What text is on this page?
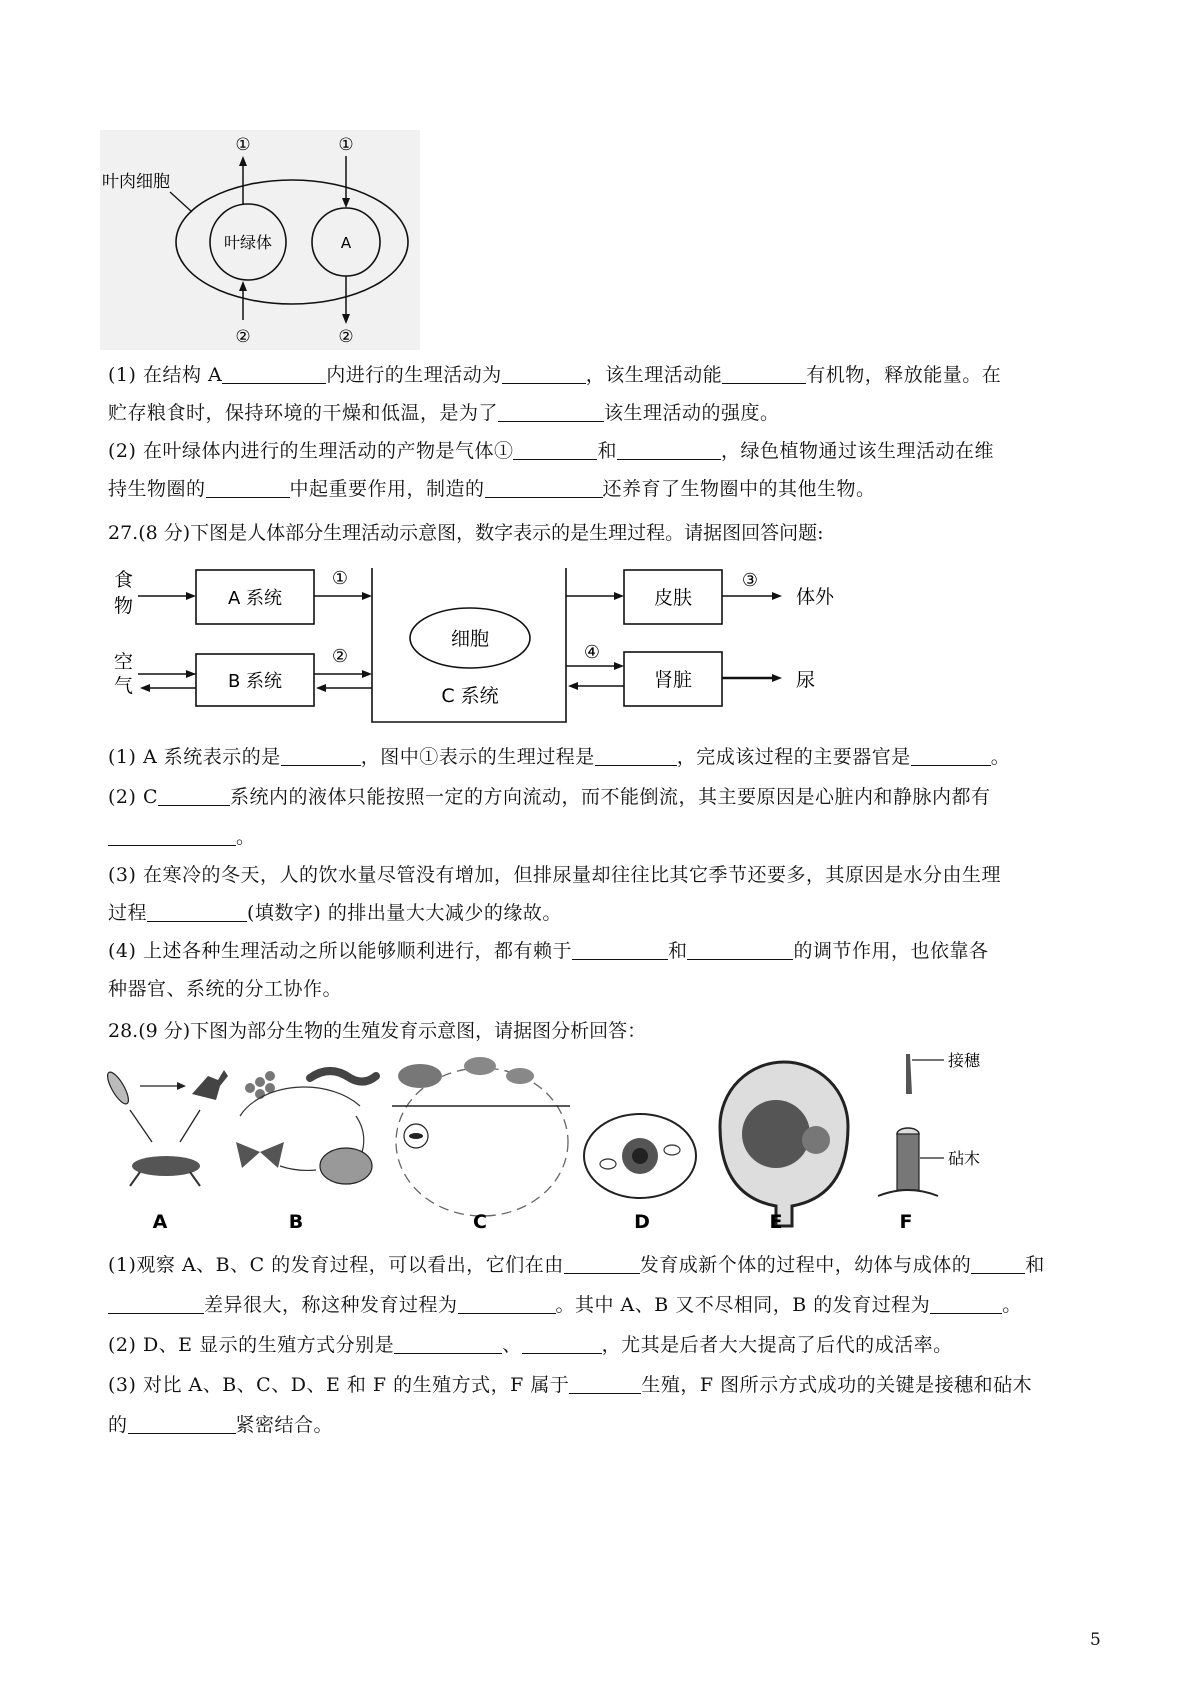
叶肉细胞
叶绿体	A
①
②
①
②
(1) 在结构 A	内进行的生理活动为	，该生理活动能	有机物，释放能量。在
贮存粮食时，保持环境的干燥和低温，是为了	该生理活动的强度。
(2) 在叶绿体内进行的生理活动的产物是气体①	和	，绿色植物通过该生理活动在维
持生物圈的	中起重要作用，制造的	还养育了生物圈中的其他生物。
27.(8 分)下图是人体部分生理活动示意图，数字表示的是生理过程。请据图回答问题:
食
物	A 系统
①
空
气	B 系统
②
细胞
C 系统
皮肤
③
体外
④
肾脏	尿
(1) A 系统表示的是	，图中①表示的生理过程是	，完成该过程的主要器官是	。
(2) C	系统内的液体只能按照一定的方向流动，而不能倒流，其主要原因是心脏内和静脉内都有
。
(3) 在寒冷的冬天，人的饮水量尽管没有增加，但排尿量却往往比其它季节还要多，其原因是水分由生理
过程	(填数字) 的排出量大大减少的缘故。
(4) 上述各种生理活动之所以能够顺利进行，都有赖于	和	的调节作用，也依靠各
种器官、系统的分工协作。
28.(9 分)下图为部分生物的生殖发育示意图，请据图分析回答：
接穗
砧木
A	B	C	D	E	F
(1)观察 A、B、C 的发育过程，可以看出，它们在由	发育成新个体的过程中，幼体与成体的	和
差异很大，称这种发育过程为	。其中 A、B 又不尽相同，B 的发育过程为	。
(2) D、E 显示的生殖方式分别是	、	，尤其是后者大大提高了后代的成活率。
(3) 对比 A、B、C、D、E 和 F 的生殖方式，F 属于	生殖，F 图所示方式成功的关键是接穗和砧木
的	紧密结合。
5
